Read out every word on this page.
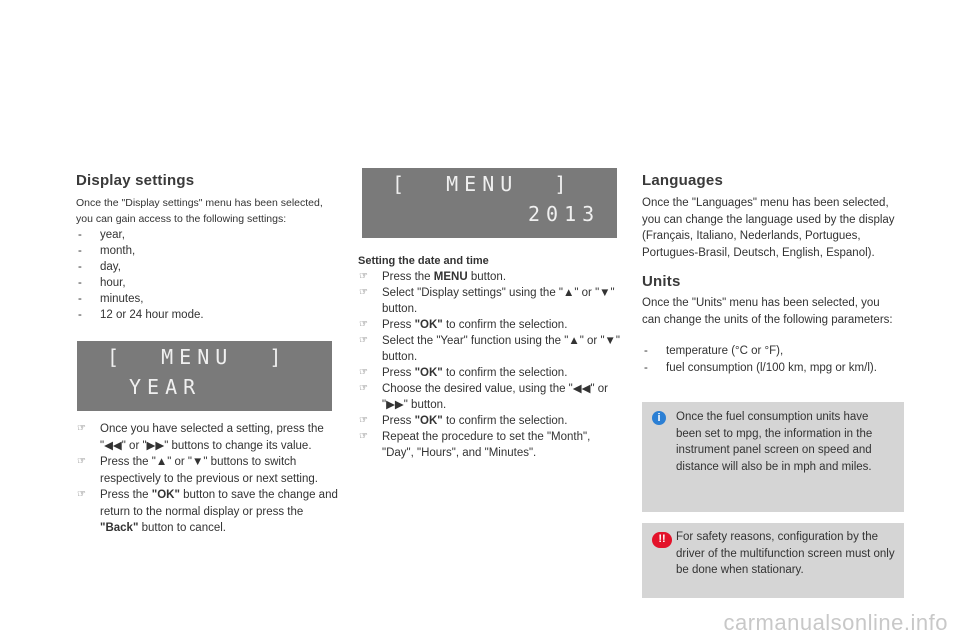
Display settings
Once the "Display settings" menu has been selected, you can gain access to the following settings:
- year,
- month,
- day,
- hour,
- minutes,
- 12 or 24 hour mode.
[  MENU  ]
YEAR
☞ Once you have selected a setting, press the "◀◀" or "▶▶" buttons to change its value.
☞ Press the "▲" or "▼" buttons to switch respectively to the previous or next setting.
☞ Press the "OK" button to save the change and return to the normal display or press the "Back" button to cancel.
[  MENU  ]
2013
Setting the date and time
☞ Press the MENU button.
☞ Select "Display settings" using the "▲" or "▼" button.
☞ Press "OK" to confirm the selection.
☞ Select the "Year" function using the "▲" or "▼" button.
☞ Press "OK" to confirm the selection.
☞ Choose the desired value, using the "◀◀" or "▶▶" button.
☞ Press "OK" to confirm the selection.
☞ Repeat the procedure to set the "Month", "Day", "Hours", and "Minutes".
Languages
Once the "Languages" menu has been selected, you can change the language used by the display (Français, Italiano, Nederlands, Portugues, Portugues-Brasil, Deutsch, English, Espanol).
Units
Once the "Units" menu has been selected, you can change the units of the following parameters:
- temperature (°C or °F),
- fuel consumption (l/100 km, mpg or km/l).
i	Once the fuel consumption units have been set to mpg, the information in the instrument panel screen on speed and distance will also be in mph and miles.
!! For safety reasons, configuration by the driver of the multifunction screen must only be done when stationary.
carmanualsonline.info
